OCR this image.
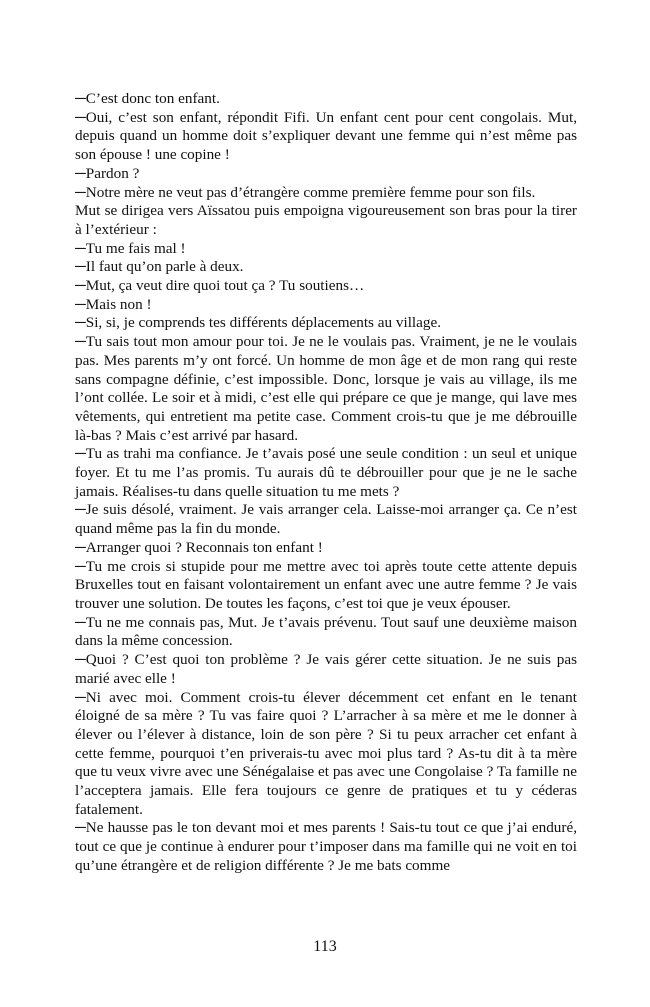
─C’est donc ton enfant.

─Oui, c’est son enfant, répondit Fifi. Un enfant cent pour cent congolais. Mut, depuis quand un homme doit s’expliquer devant une femme qui n’est même pas son épouse ! une copine !

─Pardon ?

─Notre mère ne veut pas d’étrangère comme première femme pour son fils.

Mut se dirigea vers Aïssatou puis empoigna vigoureusement son bras pour la tirer à l’extérieur :

─Tu me fais mal !

─Il faut qu’on parle à deux.

─Mut, ça veut dire quoi tout ça ? Tu soutiens…

─Mais non !

─Si, si, je comprends tes différents déplacements au village.

─Tu sais tout mon amour pour toi. Je ne le voulais pas. Vraiment, je ne le voulais pas. Mes parents m’y ont forcé. Un homme de mon âge et de mon rang qui reste sans compagne définie, c’est impossible. Donc, lorsque je vais au village, ils me l’ont collée. Le soir et à midi, c’est elle qui prépare ce que je mange, qui lave mes vêtements, qui entretient ma petite case. Comment crois-tu que je me débrouille là-bas ? Mais c’est arrivé par hasard.

─Tu as trahi ma confiance. Je t’avais posé une seule condition : un seul et unique foyer. Et tu me l’as promis. Tu aurais dû te débrouiller pour que je ne le sache jamais. Réalises-tu dans quelle situation tu me mets ?

─Je suis désolé, vraiment. Je vais arranger cela. Laisse-moi arranger ça. Ce n’est quand même pas la fin du monde.

─Arranger quoi ? Reconnais ton enfant !

─Tu me crois si stupide pour me mettre avec toi après toute cette attente depuis Bruxelles tout en faisant volontairement un enfant avec une autre femme ? Je vais trouver une solution. De toutes les façons, c’est toi que je veux épouser.

─Tu ne me connais pas, Mut. Je t’avais prévenu. Tout sauf une deuxième maison dans la même concession.

─Quoi ? C’est quoi ton problème ? Je vais gérer cette situation. Je ne suis pas marié avec elle !

─Ni avec moi. Comment crois-tu élever décemment cet enfant en le tenant éloigné de sa mère ? Tu vas faire quoi ? L’arracher à sa mère et me le donner à élever ou l’élever à distance, loin de son père ? Si tu peux arracher cet enfant à cette femme, pourquoi t’en priverais-tu avec moi plus tard ? As-tu dit à ta mère que tu veux vivre avec une Sénégalaise et pas avec une Congolaise ? Ta famille ne l’acceptera jamais. Elle fera toujours ce genre de pratiques et tu y céderas fatalement.

─Ne hausse pas le ton devant moi et mes parents ! Sais-tu tout ce que j’ai enduré, tout ce que je continue à endurer pour t’imposer dans ma famille qui ne voit en toi qu’une étrangère et de religion différente ? Je me bats comme

113
